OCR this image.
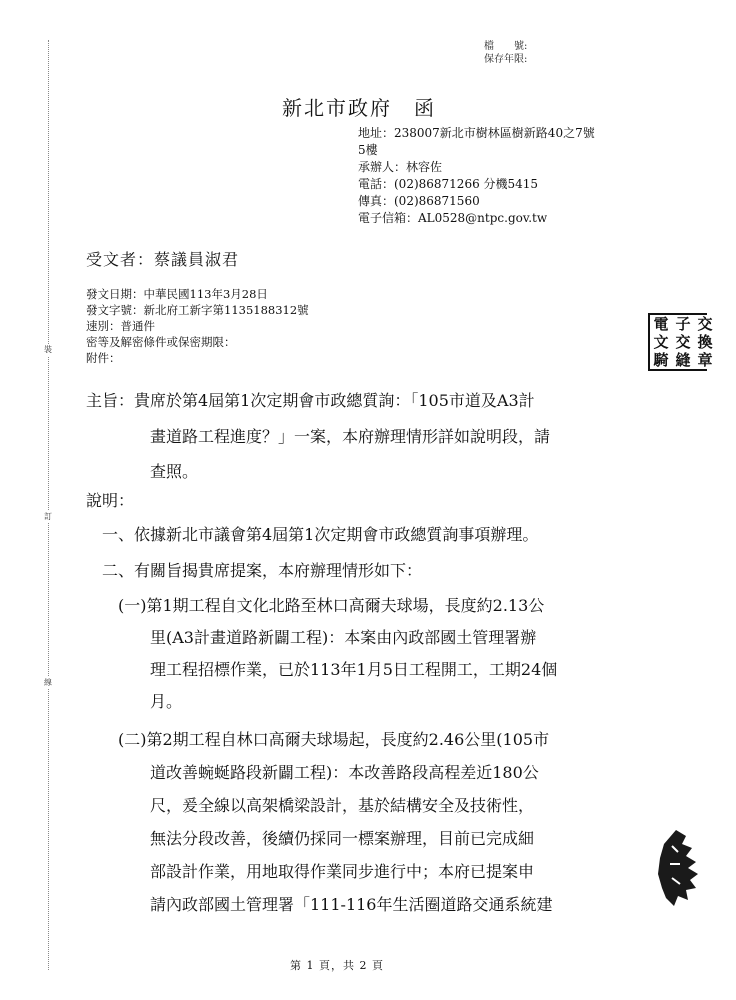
裝
訂
線
檔　　號:
保存年限:
新北市政府　函
地址：238007新北市樹林區樹新路40之7號
5樓
承辦人：林容佐
電話：(02)86871266 分機5415
傳真：(02)86871560
電子信箱：AL0528@ntpc.gov.tw
受文者：蔡議員淑君
發文日期：中華民國113年3月28日
發文字號：新北府工新字第1135188312號
速別：普通件
密等及解密條件或保密期限：
附件：
電 子 交
文 交 換
騎 縫 章
主旨：貴席於第4屆第1次定期會市政總質詢：「105市道及A3計
畫道路工程進度？」一案，本府辦理情形詳如說明段，請
查照。
說明：
一、依據新北市議會第4屆第1次定期會市政總質詢事項辦理。
二、有關旨揭貴席提案，本府辦理情形如下：
(一)第1期工程自文化北路至林口高爾夫球場，長度約2.13公
里(A3計畫道路新闢工程)：本案由內政部國土管理署辦
理工程招標作業，已於113年1月5日工程開工，工期24個
月。
(二)第2期工程自林口高爾夫球場起，長度約2.46公里(105市
道改善蜿蜒路段新闢工程)：本改善路段高程差近180公
尺，爰全線以高架橋梁設計，基於結構安全及技術性，
無法分段改善，後續仍採同一標案辦理，目前已完成細
部設計作業，用地取得作業同步進行中；本府已提案申
請內政部國土管理署「111-116年生活圈道路交通系統建
第 1 頁，共 2 頁
